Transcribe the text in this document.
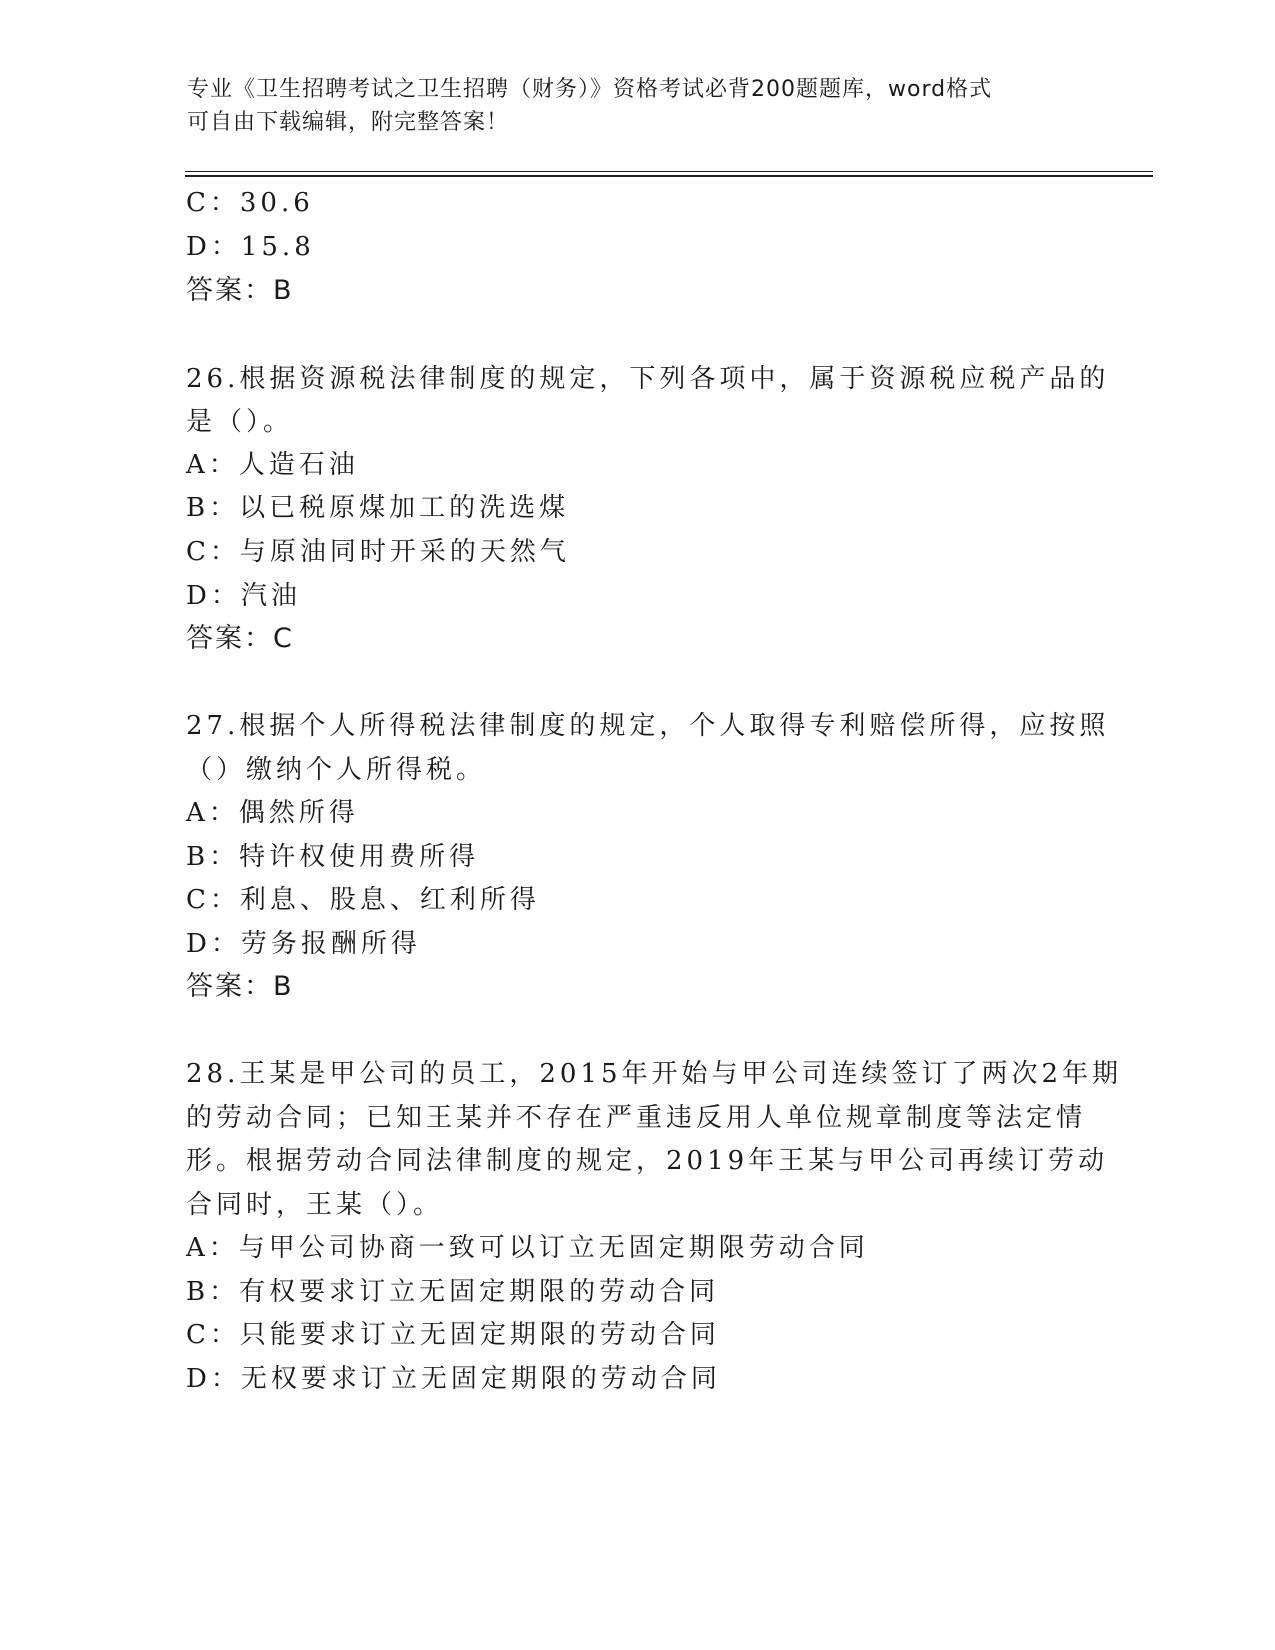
专业《卫生招聘考试之卫生招聘（财务）》资格考试必背200题题库，word格式
可自由下载编辑，附完整答案！
C：30.6
D：15.8
答案：B
26.根据资源税法律制度的规定，下列各项中，属于资源税应税产品的
是（）。
A：人造石油
B：以已税原煤加工的洗选煤
C：与原油同时开采的天然气
D：汽油
答案：C
27.根据个人所得税法律制度的规定，个人取得专利赔偿所得，应按照
（）缴纳个人所得税。
A：偶然所得
B：特许权使用费所得
C：利息、股息、红利所得
D：劳务报酬所得
答案：B
28.王某是甲公司的员工，2015年开始与甲公司连续签订了两次2年期
的劳动合同；已知王某并不存在严重违反用人单位规章制度等法定情
形。根据劳动合同法律制度的规定，2019年王某与甲公司再续订劳动
合同时，王某（）。
A：与甲公司协商一致可以订立无固定期限劳动合同
B：有权要求订立无固定期限的劳动合同
C：只能要求订立无固定期限的劳动合同
D：无权要求订立无固定期限的劳动合同
